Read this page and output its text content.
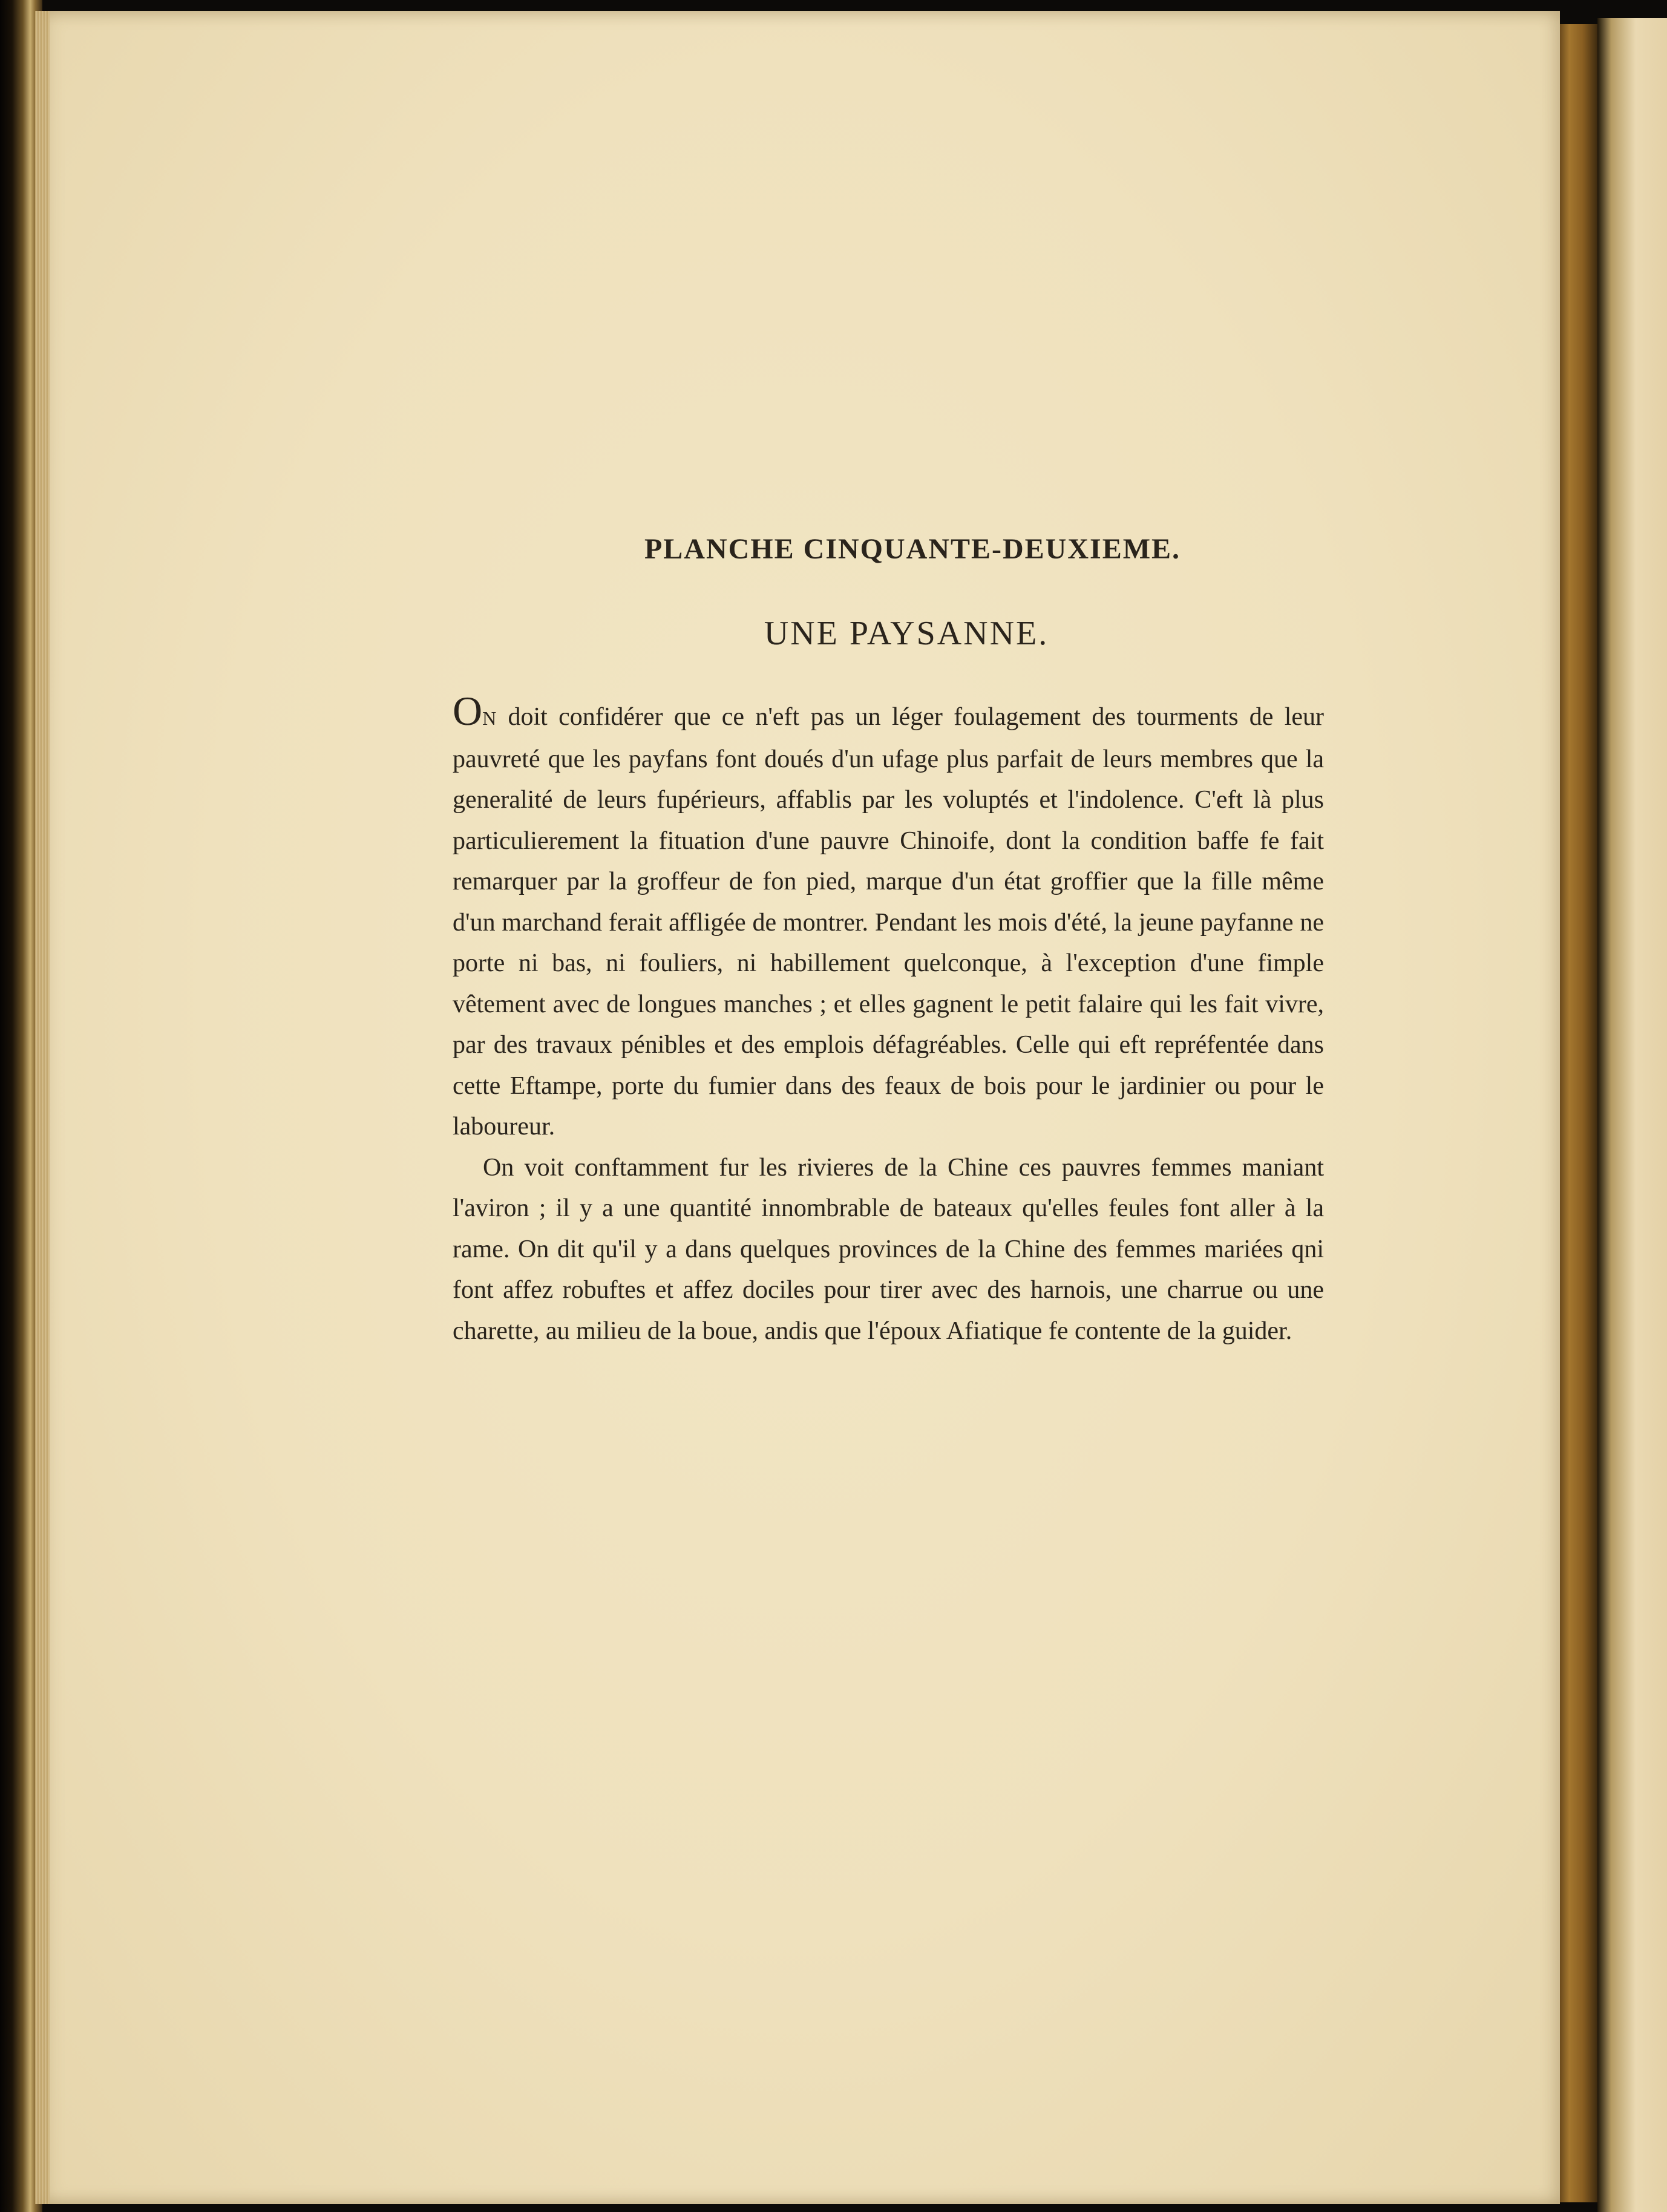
PLANCHE CINQUANTE-DEUXIEME.
UNE PAYSANNE.

ON doit confidérer que ce n'eft pas un léger foulagement des tourments de leur pauvreté que les payfans font doués d'un ufage plus parfait de leurs membres que la generalité de leurs fupérieurs, affablis par les voluptés et l'indolence. C'eft là plus particulierement la fituation d'une pauvre Chinoife, dont la condition baffe fe fait remarquer par la groffeur de fon pied, marque d'un état groffier que la fille même d'un marchand ferait affligée de montrer. Pendant les mois d'été, la jeune payfanne ne porte ni bas, ni fouliers, ni habillement quelconque, à l'exception d'une fimple vêtement avec de longues manches ; et elles gagnent le petit falaire qui les fait vivre, par des travaux pénibles et des emplois défagréables. Celle qui eft repréfentée dans cette Eftampe, porte du fumier dans des feaux de bois pour le jardinier ou pour le laboureur.

On voit conftamment fur les rivieres de la Chine ces pauvres femmes maniant l'aviron ; il y a une quantité innombrable de bateaux qu'elles feules font aller à la rame. On dit qu'il y a dans quelques provinces de la Chine des femmes mariées qni font affez robuftes et affez dociles pour tirer avec des harnois, une charrue ou une charette, au milieu de la boue, andis que l'époux Afiatique fe contente de la guider.
